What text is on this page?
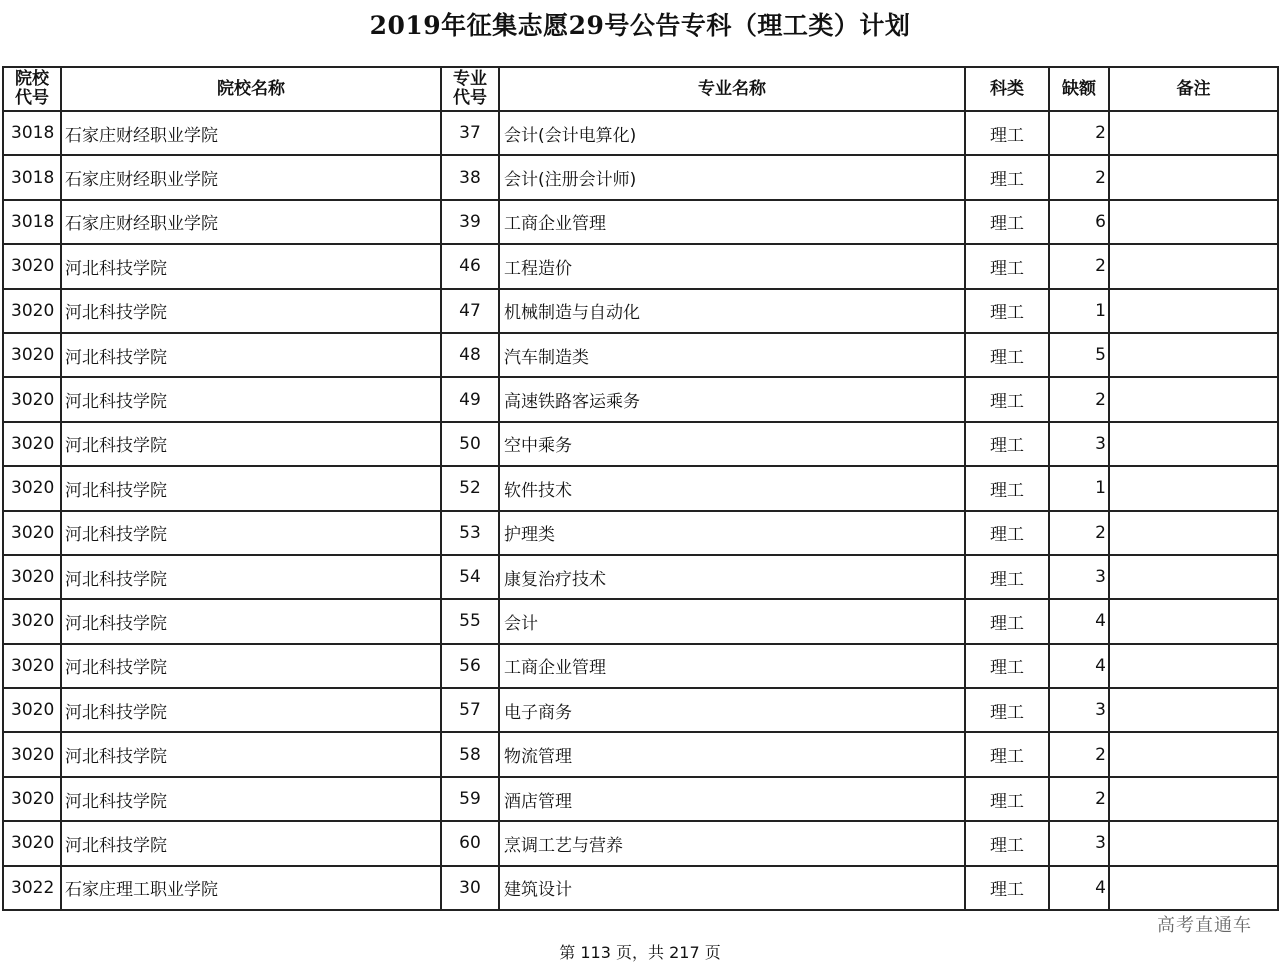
2019年征集志愿29号公告专科（理工类）计划
院校代号	院校名称	专业代号	专业名称	科类	缺额	备注
3018	石家庄财经职业学院	37	会计(会计电算化)	理工	2	
3018	石家庄财经职业学院	38	会计(注册会计师)	理工	2	
3018	石家庄财经职业学院	39	工商企业管理	理工	6	
3020	河北科技学院	46	工程造价	理工	2	
3020	河北科技学院	47	机械制造与自动化	理工	1	
3020	河北科技学院	48	汽车制造类	理工	5	
3020	河北科技学院	49	高速铁路客运乘务	理工	2	
3020	河北科技学院	50	空中乘务	理工	3	
3020	河北科技学院	52	软件技术	理工	1	
3020	河北科技学院	53	护理类	理工	2	
3020	河北科技学院	54	康复治疗技术	理工	3	
3020	河北科技学院	55	会计	理工	4	
3020	河北科技学院	56	工商企业管理	理工	4	
3020	河北科技学院	57	电子商务	理工	3	
3020	河北科技学院	58	物流管理	理工	2	
3020	河北科技学院	59	酒店管理	理工	2	
3020	河北科技学院	60	烹调工艺与营养	理工	3	
3022	石家庄理工职业学院	30	建筑设计	理工	4	
高考直通车
第 113 页，共 217 页
